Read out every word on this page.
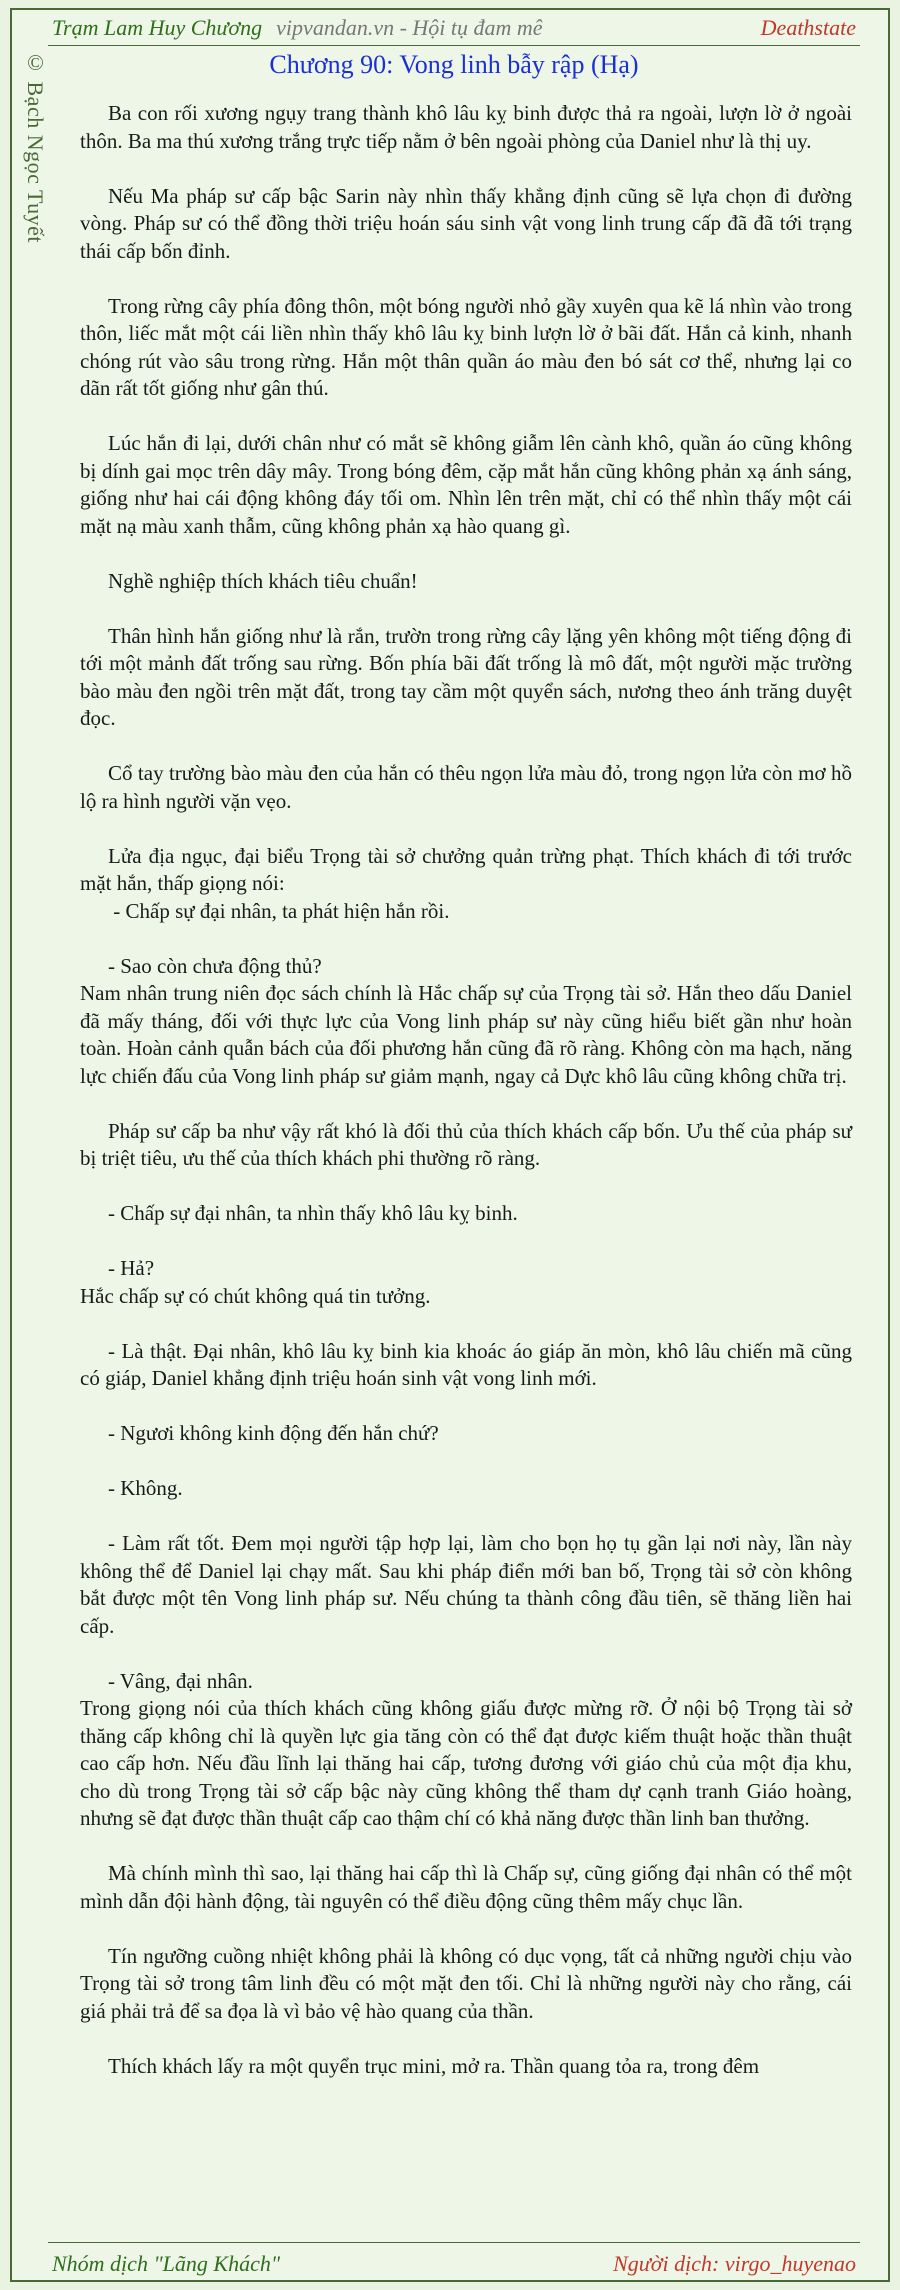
© Bạch Ngọc Tuyết
Trạm Lam Huy Chương vipvandan.vn - Hội tụ đam mê	Deathstate
Chương 90: Vong linh bẫy rập (Hạ)

Ba con rối xương ngụy trang thành khô lâu kỵ binh được thả ra ngoài, lượn lờ ở ngoài thôn. Ba ma thú xương trắng trực tiếp nằm ở bên ngoài phòng của Daniel như là thị uy.

Nếu Ma pháp sư cấp bậc Sarin này nhìn thấy khẳng định cũng sẽ lựa chọn đi đường vòng. Pháp sư có thể đồng thời triệu hoán sáu sinh vật vong linh trung cấp đã đã tới trạng thái cấp bốn đỉnh.

Trong rừng cây phía đông thôn, một bóng người nhỏ gầy xuyên qua kẽ lá nhìn vào trong thôn, liếc mắt một cái liền nhìn thấy khô lâu kỵ binh lượn lờ ở bãi đất. Hắn cả kinh, nhanh chóng rút vào sâu trong rừng. Hắn một thân quần áo màu đen bó sát cơ thể, nhưng lại co dãn rất tốt giống như gân thú.

Lúc hắn đi lại, dưới chân như có mắt sẽ không giẫm lên cành khô, quần áo cũng không bị dính gai mọc trên dây mây. Trong bóng đêm, cặp mắt hắn cũng không phản xạ ánh sáng, giống như hai cái động không đáy tối om. Nhìn lên trên mặt, chỉ có thể nhìn thấy một cái mặt nạ màu xanh thẫm, cũng không phản xạ hào quang gì.

Nghề nghiệp thích khách tiêu chuẩn!

Thân hình hắn giống như là rắn, trườn trong rừng cây lặng yên không một tiếng động đi tới một mảnh đất trống sau rừng. Bốn phía bãi đất trống là mô đất, một người mặc trường bào màu đen ngồi trên mặt đất, trong tay cầm một quyển sách, nương theo ánh trăng duyệt đọc.

Cổ tay trường bào màu đen của hắn có thêu ngọn lửa màu đỏ, trong ngọn lửa còn mơ hồ lộ ra hình người vặn vẹo.

Lửa địa ngục, đại biểu Trọng tài sở chưởng quản trừng phạt. Thích khách đi tới trước mặt hắn, thấp giọng nói:

- Chấp sự đại nhân, ta phát hiện hắn rồi.

- Sao còn chưa động thủ?

Nam nhân trung niên đọc sách chính là Hắc chấp sự của Trọng tài sở. Hắn theo dấu Daniel đã mấy tháng, đối với thực lực của Vong linh pháp sư này cũng hiểu biết gần như hoàn toàn. Hoàn cảnh quẫn bách của đối phương hắn cũng đã rõ ràng. Không còn ma hạch, năng lực chiến đấu của Vong linh pháp sư giảm mạnh, ngay cả Dực khô lâu cũng không chữa trị.

Pháp sư cấp ba như vậy rất khó là đối thủ của thích khách cấp bốn. Ưu thế của pháp sư bị triệt tiêu, ưu thế của thích khách phi thường rõ ràng.

- Chấp sự đại nhân, ta nhìn thấy khô lâu kỵ binh.

- Hả?

Hắc chấp sự có chút không quá tin tưởng.

- Là thật. Đại nhân, khô lâu kỵ binh kia khoác áo giáp ăn mòn, khô lâu chiến mã cũng có giáp, Daniel khẳng định triệu hoán sinh vật vong linh mới.

- Ngươi không kinh động đến hắn chứ?

- Không.

- Làm rất tốt. Đem mọi người tập hợp lại, làm cho bọn họ tụ gần lại nơi này, lần này không thể để Daniel lại chạy mất. Sau khi pháp điển mới ban bố, Trọng tài sở còn không bắt được một tên Vong linh pháp sư. Nếu chúng ta thành công đầu tiên, sẽ thăng liền hai cấp.

- Vâng, đại nhân.

Trong giọng nói của thích khách cũng không giấu được mừng rỡ. Ở nội bộ Trọng tài sở thăng cấp không chỉ là quyền lực gia tăng còn có thể đạt được kiếm thuật hoặc thần thuật cao cấp hơn. Nếu đầu lĩnh lại thăng hai cấp, tương đương với giáo chủ của một địa khu, cho dù trong Trọng tài sở cấp bậc này cũng không thể tham dự cạnh tranh Giáo hoàng, nhưng sẽ đạt được thần thuật cấp cao thậm chí có khả năng được thần linh ban thưởng.

Mà chính mình thì sao, lại thăng hai cấp thì là Chấp sự, cũng giống đại nhân có thể một mình dẫn đội hành động, tài nguyên có thể điều động cũng thêm mấy chục lần.

Tín ngưỡng cuồng nhiệt không phải là không có dục vọng, tất cả những người chịu vào Trọng tài sở trong tâm linh đều có một mặt đen tối. Chỉ là những người này cho rằng, cái giá phải trả để sa đọa là vì bảo vệ hào quang của thần.

Thích khách lấy ra một quyển trục mini, mở ra. Thần quang tỏa ra, trong đêm

Nhóm dịch "Lãng Khách"	Người dịch: virgo_huyenao
